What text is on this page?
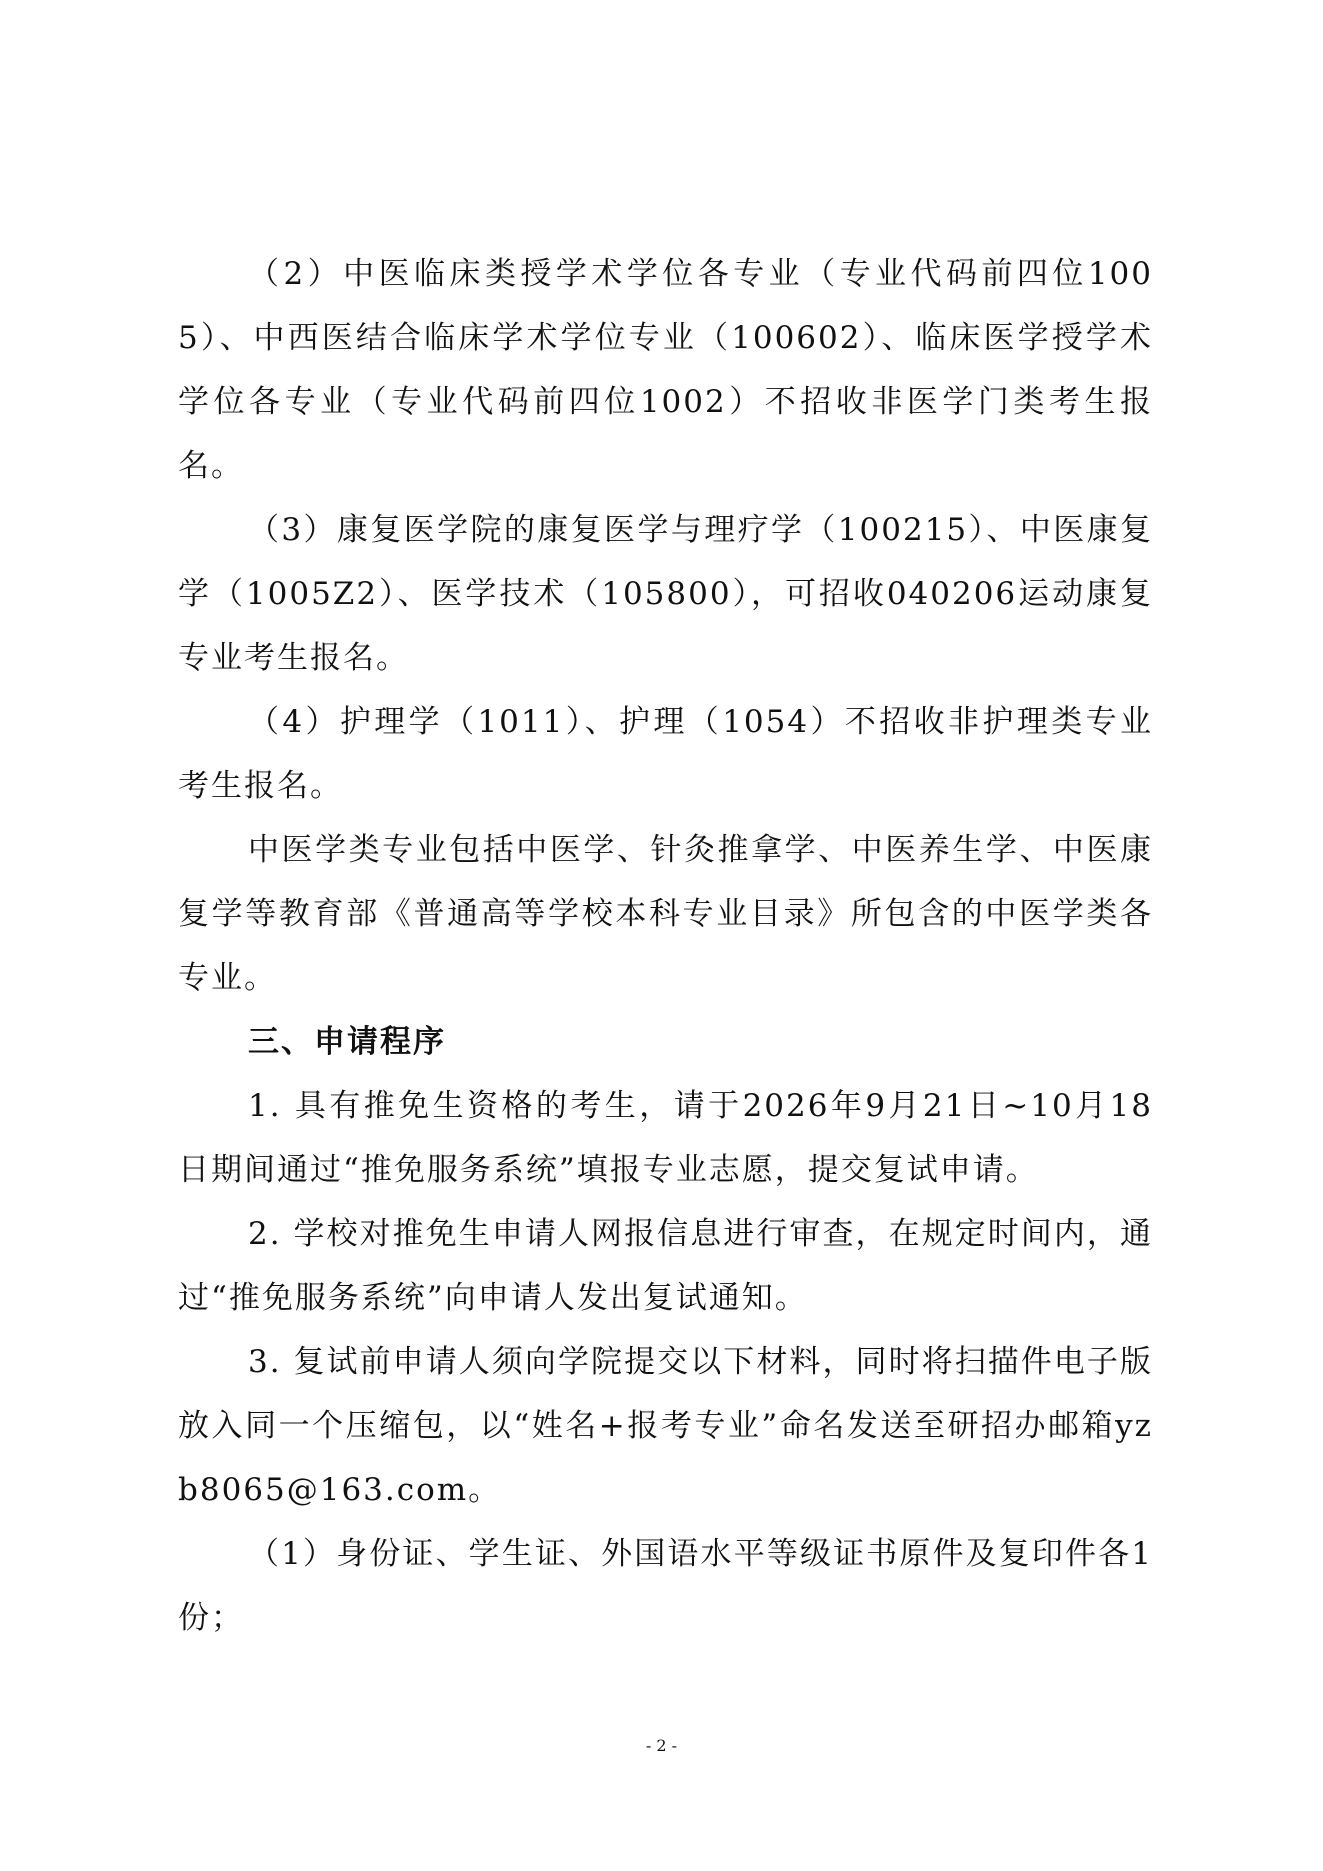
（2）中医临床类授学术学位各专业（专业代码前四位1005）、中西医结合临床学术学位专业（100602）、临床医学授学术学位各专业（专业代码前四位1002）不招收非医学门类考生报名。

（3）康复医学院的康复医学与理疗学（100215）、中医康复学（1005Z2）、医学技术（105800），可招收040206运动康复专业考生报名。

（4）护理学（1011）、护理（1054）不招收非护理类专业考生报名。

中医学类专业包括中医学、针灸推拿学、中医养生学、中医康复学等教育部《普通高等学校本科专业目录》所包含的中医学类各专业。

三、申请程序

1. 具有推免生资格的考生，请于2026年9月21日~10月18日期间通过“推免服务系统”填报专业志愿，提交复试申请。

2. 学校对推免生申请人网报信息进行审查，在规定时间内，通过“推免服务系统”向申请人发出复试通知。

3. 复试前申请人须向学院提交以下材料，同时将扫描件电子版放入同一个压缩包，以“姓名+报考专业”命名发送至研招办邮箱yzb8065@163.com。

（1）身份证、学生证、外国语水平等级证书原件及复印件各1份；

- 2 -
